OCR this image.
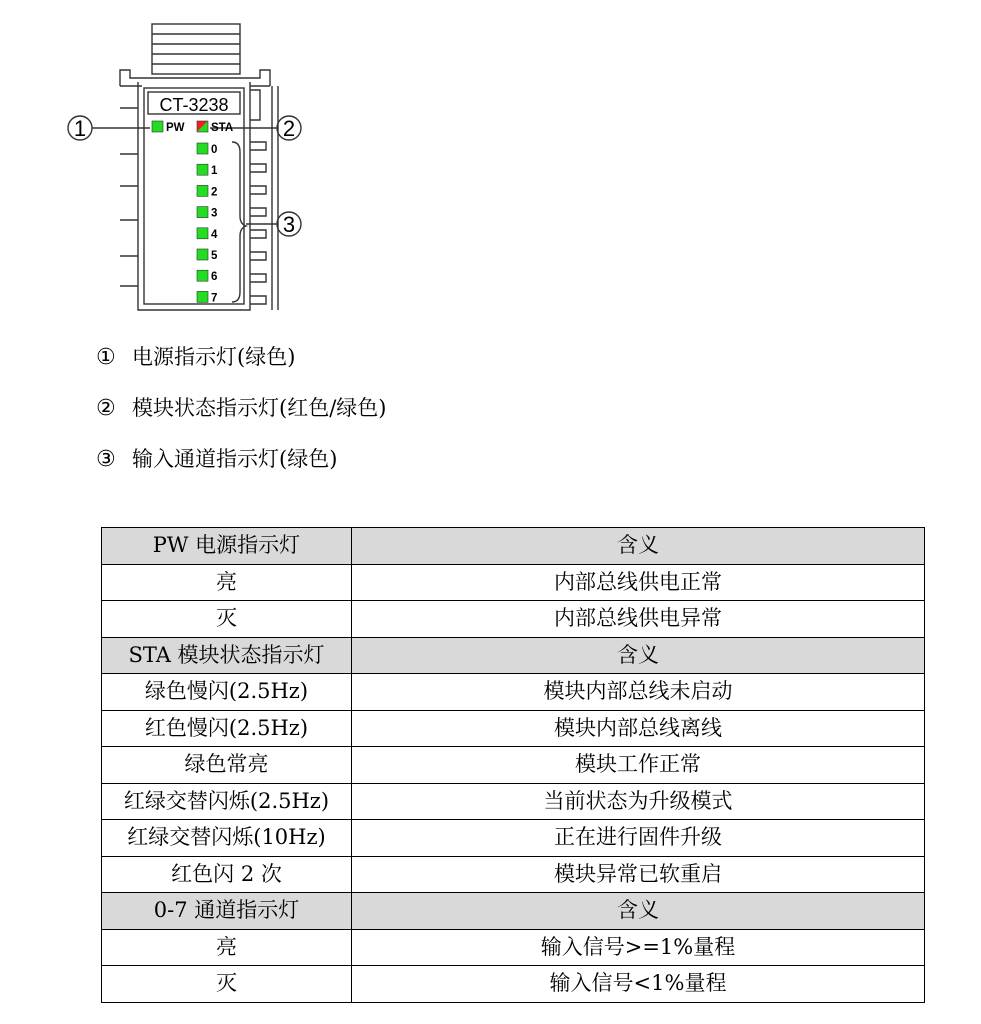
CT-3238
PW STA
0
1
2
3
4
5
6
7
1	2
3
① 电源指示灯(绿色)
② 模块状态指示灯(红色/绿色)
③ 输入通道指示灯(绿色)
PW 电源指示灯	含义
亮	内部总线供电正常
灭	内部总线供电异常
STA 模块状态指示灯	含义
绿色慢闪(2.5Hz)	模块内部总线未启动
红色慢闪(2.5Hz)	模块内部总线离线
绿色常亮	模块工作正常
红绿交替闪烁(2.5Hz)	当前状态为升级模式
红绿交替闪烁(10Hz)	正在进行固件升级
红色闪 2 次	模块异常已软重启
0-7 通道指示灯	含义
亮	输入信号>=1%量程
灭	输入信号<1%量程
